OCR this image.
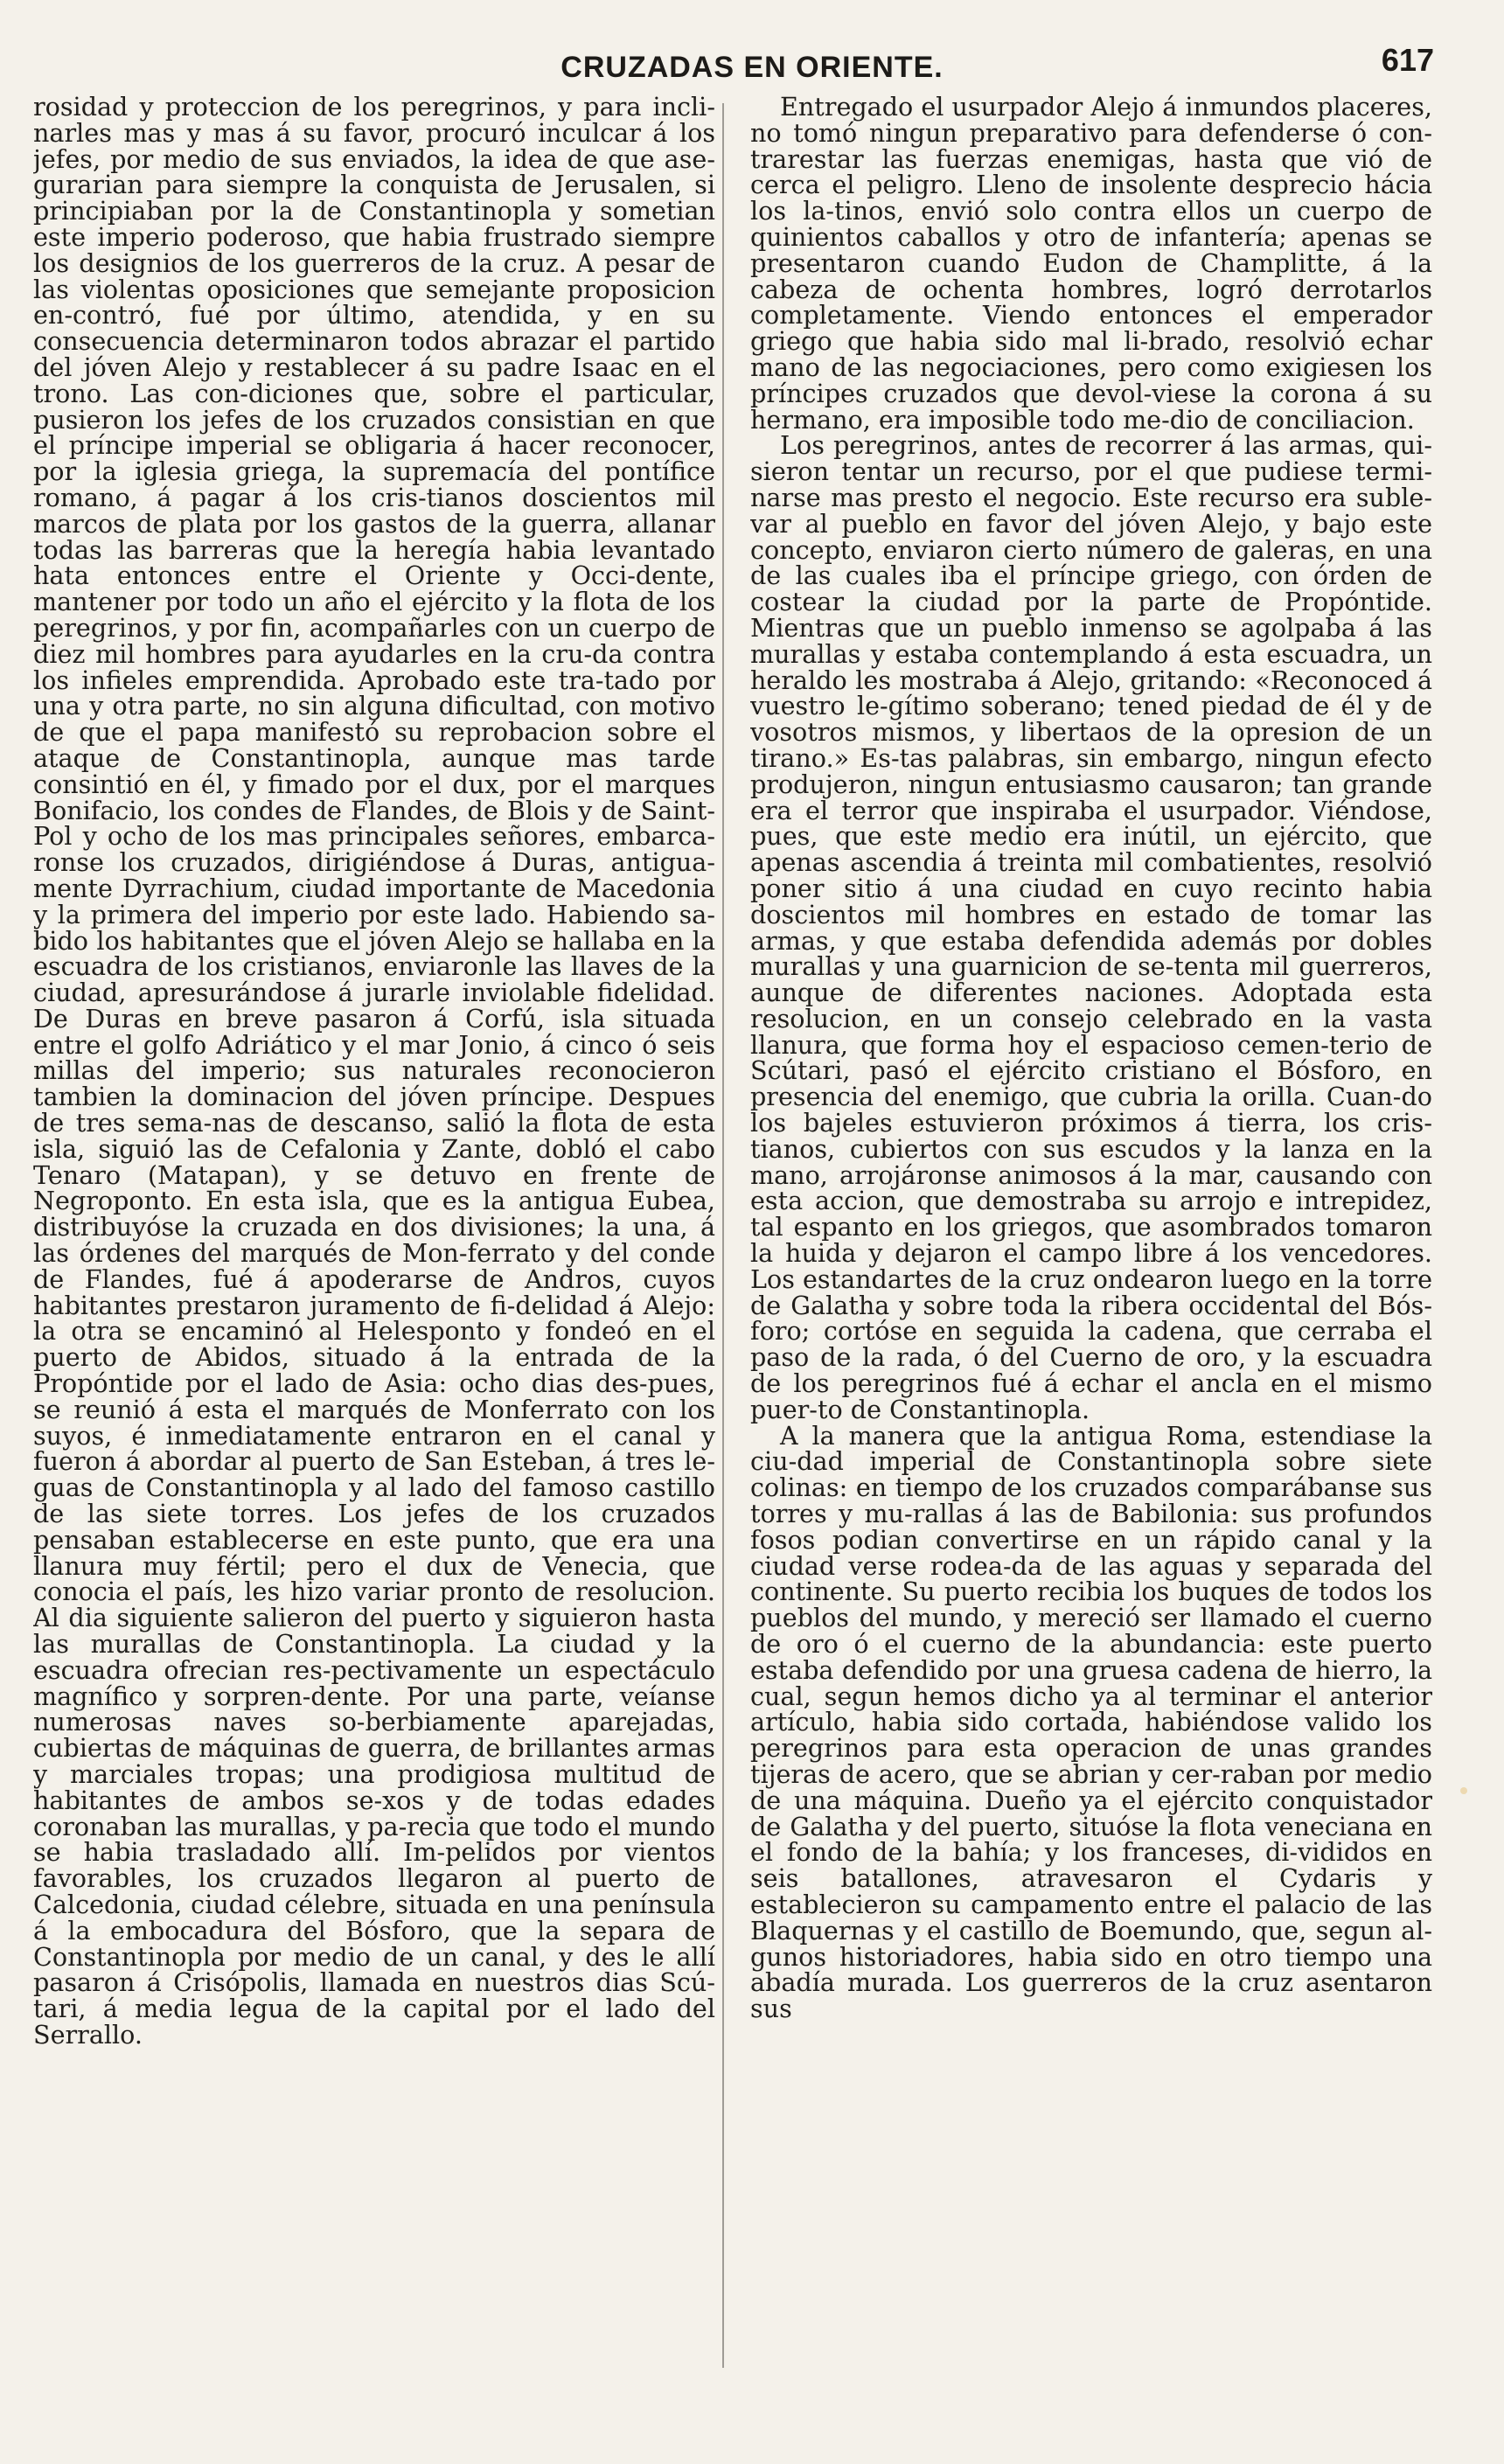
CRUZADAS EN ORIENTE.	617

rosidad y proteccion de los peregrinos, y para incli-narles mas y mas á su favor, procuró inculcar á los jefes, por medio de sus enviados, la idea de que ase-gurarian para siempre la conquista de Jerusalen, si principiaban por la de Constantinopla y sometian este imperio poderoso, que habia frustrado siempre los designios de los guerreros de la cruz. A pesar de las violentas oposiciones que semejante proposicion en-contró, fué por último, atendida, y en su consecuencia determinaron todos abrazar el partido del jóven Alejo y restablecer á su padre Isaac en el trono. Las con-diciones que, sobre el particular, pusieron los jefes de los cruzados consistian en que el príncipe imperial se obligaria á hacer reconocer, por la iglesia griega, la supremacía del pontífice romano, á pagar á los cris-tianos doscientos mil marcos de plata por los gastos de la guerra, allanar todas las barreras que la heregía habia levantado hata entonces entre el Oriente y Occi-dente, mantener por todo un año el ejército y la flota de los peregrinos, y por fin, acompañarles con un cuerpo de diez mil hombres para ayudarles en la cru-da contra los infieles emprendida. Aprobado este tra-tado por una y otra parte, no sin alguna dificultad, con motivo de que el papa manifestó su reprobacion sobre el ataque de Constantinopla, aunque mas tarde consintió en él, y fimado por el dux, por el marques Bonifacio, los condes de Flandes, de Blois y de Saint-Pol y ocho de los mas principales señores, embarca-ronse los cruzados, dirigiéndose á Duras, antigua-mente Dyrrachium, ciudad importante de Macedonia y la primera del imperio por este lado. Habiendo sa-bido los habitantes que el jóven Alejo se hallaba en la escuadra de los cristianos, enviaronle las llaves de la ciudad, apresurándose á jurarle inviolable fidelidad. De Duras en breve pasaron á Corfú, isla situada entre el golfo Adriático y el mar Jonio, á cinco ó seis millas del imperio; sus naturales reconocieron tambien la dominacion del jóven príncipe. Despues de tres sema-nas de descanso, salió la flota de esta isla, siguió las de Cefalonia y Zante, dobló el cabo Tenaro (Matapan), y se detuvo en frente de Negroponto. En esta isla, que es la antigua Eubea, distribuyóse la cruzada en dos divisiones; la una, á las órdenes del marqués de Mon-ferrato y del conde de Flandes, fué á apoderarse de Andros, cuyos habitantes prestaron juramento de fi-delidad á Alejo: la otra se encaminó al Helesponto y fondeó en el puerto de Abidos, situado á la entrada de la Propóntide por el lado de Asia: ocho dias des-pues, se reunió á esta el marqués de Monferrato con los suyos, é inmediatamente entraron en el canal y fueron á abordar al puerto de San Esteban, á tres le-guas de Constantinopla y al lado del famoso castillo de las siete torres. Los jefes de los cruzados pensaban establecerse en este punto, que era una llanura muy fértil; pero el dux de Venecia, que conocia el país, les hizo variar pronto de resolucion. Al dia siguiente salieron del puerto y siguieron hasta las murallas de Constantinopla. La ciudad y la escuadra ofrecian res-pectivamente un espectáculo magnífico y sorpren-dente. Por una parte, veíanse numerosas naves so-berbiamente aparejadas, cubiertas de máquinas de guerra, de brillantes armas y marciales tropas; una prodigiosa multitud de habitantes de ambos se-xos y de todas edades coronaban las murallas, y pa-recia que todo el mundo se habia trasladado allí. Im-pelidos por vientos favorables, los cruzados llegaron al puerto de Calcedonia, ciudad célebre, situada en una península á la embocadura del Bósforo, que la separa de Constantinopla por medio de un canal, y des le allí pasaron á Crisópolis, llamada en nuestros dias Scú-tari, á media legua de la capital por el lado del Serrallo.

Entregado el usurpador Alejo á inmundos placeres, no tomó ningun preparativo para defenderse ó con-trarestar las fuerzas enemigas, hasta que vió de cerca el peligro. Lleno de insolente desprecio hácia los la-tinos, envió solo contra ellos un cuerpo de quinientos caballos y otro de infantería; apenas se presentaron cuando Eudon de Champlitte, á la cabeza de ochenta hombres, logró derrotarlos completamente. Viendo entonces el emperador griego que habia sido mal li-brado, resolvió echar mano de las negociaciones, pero como exigiesen los príncipes cruzados que devol-viese la corona á su hermano, era imposible todo me-dio de conciliacion.

Los peregrinos, antes de recorrer á las armas, qui-sieron tentar un recurso, por el que pudiese termi-narse mas presto el negocio. Este recurso era suble-var al pueblo en favor del jóven Alejo, y bajo este concepto, enviaron cierto número de galeras, en una de las cuales iba el príncipe griego, con órden de costear la ciudad por la parte de Propóntide. Mientras que un pueblo inmenso se agolpaba á las murallas y estaba contemplando á esta escuadra, un heraldo les mostraba á Alejo, gritando: «Reconoced á vuestro le-gítimo soberano; tened piedad de él y de vosotros mismos, y libertaos de la opresion de un tirano.» Es-tas palabras, sin embargo, ningun efecto produjeron, ningun entusiasmo causaron; tan grande era el terror que inspiraba el usurpador. Viéndose, pues, que este medio era inútil, un ejército, que apenas ascendia á treinta mil combatientes, resolvió poner sitio á una ciudad en cuyo recinto habia doscientos mil hombres en estado de tomar las armas, y que estaba defendida además por dobles murallas y una guarnicion de se-tenta mil guerreros, aunque de diferentes naciones. Adoptada esta resolucion, en un consejo celebrado en la vasta llanura, que forma hoy el espacioso cemen-terio de Scútari, pasó el ejército cristiano el Bósforo, en presencia del enemigo, que cubria la orilla. Cuan-do los bajeles estuvieron próximos á tierra, los cris-tianos, cubiertos con sus escudos y la lanza en la mano, arrojáronse animosos á la mar, causando con esta accion, que demostraba su arrojo e intrepidez, tal espanto en los griegos, que asombrados tomaron la huida y dejaron el campo libre á los vencedores. Los estandartes de la cruz ondearon luego en la torre de Galatha y sobre toda la ribera occidental del Bós-foro; cortóse en seguida la cadena, que cerraba el paso de la rada, ó del Cuerno de oro, y la escuadra de los peregrinos fué á echar el ancla en el mismo puer-to de Constantinopla.

A la manera que la antigua Roma, estendiase la ciu-dad imperial de Constantinopla sobre siete colinas: en tiempo de los cruzados comparábanse sus torres y mu-rallas á las de Babilonia: sus profundos fosos podian convertirse en un rápido canal y la ciudad verse rodea-da de las aguas y separada del continente. Su puerto recibia los buques de todos los pueblos del mundo, y mereció ser llamado el cuerno de oro ó el cuerno de la abundancia: este puerto estaba defendido por una gruesa cadena de hierro, la cual, segun hemos dicho ya al terminar el anterior artículo, habia sido cortada, habiéndose valido los peregrinos para esta operacion de unas grandes tijeras de acero, que se abrian y cer-raban por medio de una máquina. Dueño ya el ejército conquistador de Galatha y del puerto, situóse la flota veneciana en el fondo de la bahía; y los franceses, di-vididos en seis batallones, atravesaron el Cydaris y establecieron su campamento entre el palacio de las Blaquernas y el castillo de Boemundo, que, segun al-gunos historiadores, habia sido en otro tiempo una abadía murada. Los guerreros de la cruz asentaron sus
